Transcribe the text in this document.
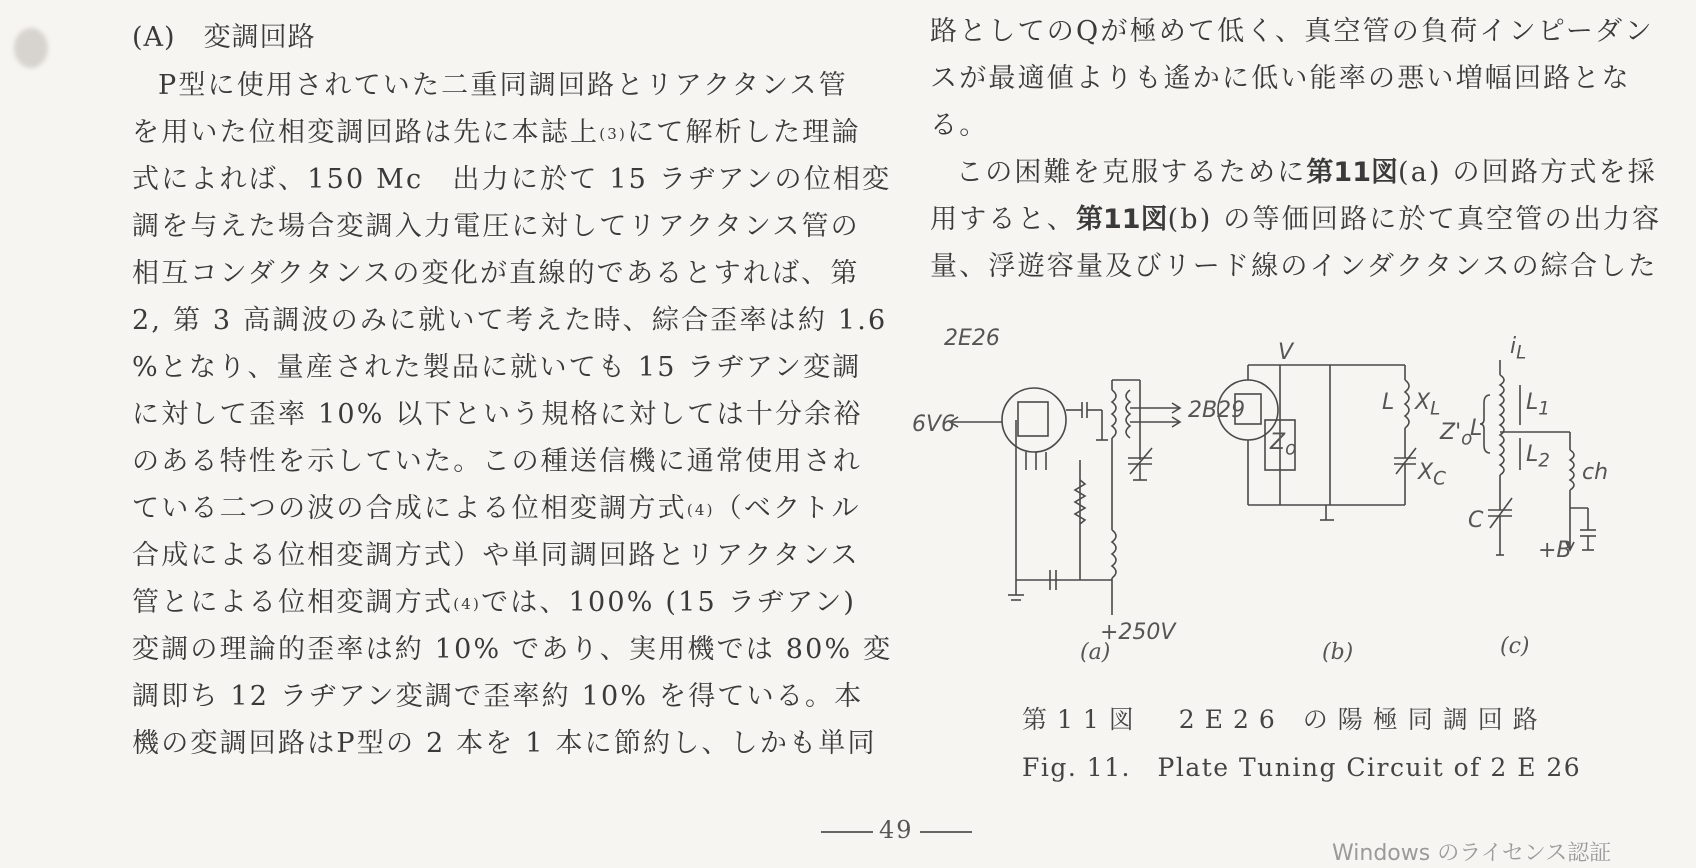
(A)　変調回路
P型に使用されていた二重同調回路とリアクタンス管
を用いた位相変調回路は先に本誌上$^{(3)}$にて解析した理論
式によれば、150 Mc　出力に於て 15 ラヂアンの位相変
調を与えた場合変調入力電圧に対してリアクタンス管の
相互コンダクタンスの変化が直線的であるとすれば、第
2, 第 3 高調波のみに就いて考えた時、綜合歪率は約 1.6
%となり、量産された製品に就いても 15 ラヂアン変調
に対して歪率 10% 以下という規格に対しては十分余裕
のある特性を示していた。この種送信機に通常使用され
ている二つの波の合成による位相変調方式$^{(4)}$（ベクトル
合成による位相変調方式）や単同調回路とリアクタンス
管とによる位相変調方式$^{(4)}$では、100% (15 ラヂアン)
変調の理論的歪率は約 10% であり、実用機では 80% 変
調即ち 12 ラヂアン変調で歪率約 10% を得ている。本
機の変調回路はP型の 2 本を 1 本に節約し、しかも単同
路としてのQが極めて低く、真空管の負荷インピーダン
スが最適値よりも遙かに低い能率の悪い増幅回路とな
る。
この困難を克服するために第11図(a) の回路方式を採
用すると、第11図(b) の等価回路に於て真空管の出力容
量、浮遊容量及びリード線のインダクタンスの綜合した
2E26
6V6
2B29
+250V
(a)
V
$Z_o$
L $X_L$
$Z'_o$
$X_C$
(b)
$i_L$
L
$L_1$
$L_2$
C
ch
+B
(c)
第11図　2E26 の陽極同調回路
Fig. 11.　Plate Tuning Circuit of 2 E 26
49
Windows のライセンス認証
